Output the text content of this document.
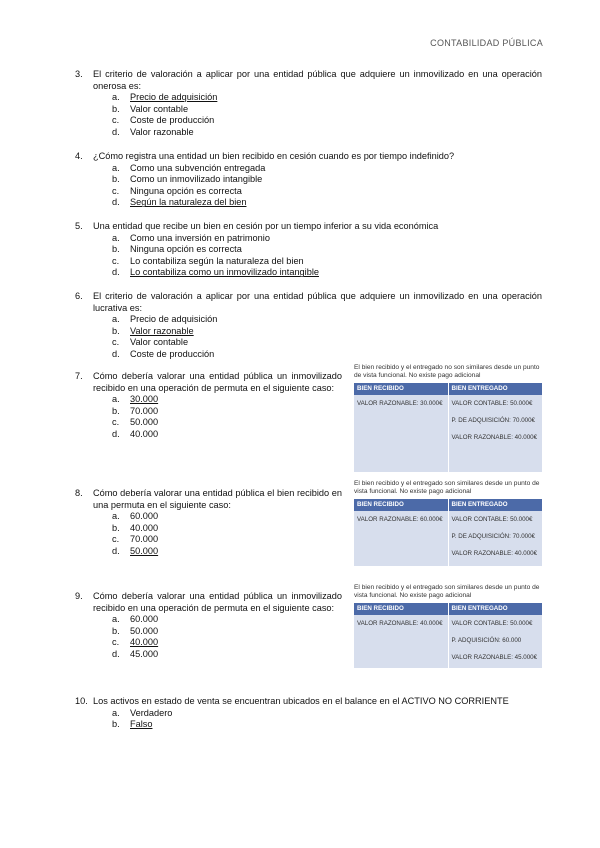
CONTABILIDAD PÚBLICA
3.	El criterio de valoración a aplicar por una entidad pública que adquiere un inmovilizado en una operación onerosa es:
a. Precio de adquisición
b. Valor contable
c. Coste de producción
d. Valor razonable
4.	¿Cómo registra una entidad un bien recibido en cesión cuando es por tiempo indefinido?
a. Como una subvención entregada
b. Como un inmovilizado intangible
c. Ninguna opción es correcta
d. Según la naturaleza del bien
5.	Una entidad que recibe un bien en cesión por un tiempo inferior a su vida económica
a. Como una inversión en patrimonio
b. Ninguna opción es correcta
c. Lo contabiliza según la naturaleza del bien
d. Lo contabiliza como un inmovilizado intangible
6.	El criterio de valoración a aplicar por una entidad pública que adquiere un inmovilizado en una operación lucrativa es:
a. Precio de adquisición
b. Valor razonable
c. Valor contable
d. Coste de producción
7.	Cómo debería valorar una entidad pública un inmovilizado recibido en una operación de permuta en el siguiente caso:
a. 30.000
b. 70.000
c. 50.000
d. 40.000
El bien recibido y el entregado no son similares desde un punto de vista funcional. No existe pago adicional
BIEN RECIBIDO
VALOR RAZONABLE: 30.000€
BIEN ENTREGADO
VALOR CONTABLE: 50.000€
P. DE ADQUISICIÓN: 70.000€
VALOR RAZONABLE: 40.000€
8.	Cómo debería valorar una entidad pública el bien recibido en una permuta en el siguiente caso:
a. 60.000
b. 40.000
c. 70.000
d. 50.000
El bien recibido y el entregado son similares desde un punto de vista funcional. No existe pago adicional
BIEN RECIBIDO
VALOR RAZONABLE: 60.000€
BIEN ENTREGADO
VALOR CONTABLE: 50.000€
P. DE ADQUISICIÓN: 70.000€
VALOR RAZONABLE: 40.000€
9.	Cómo debería valorar una entidad pública un inmovilizado recibido en una operación de permuta en el siguiente caso:
a. 60.000
b. 50.000
c. 40.000
d. 45.000
El bien recibido y el entregado son similares desde un punto de vista funcional. No existe pago adicional
BIEN RECIBIDO
VALOR RAZONABLE: 40.000€
BIEN ENTREGADO
VALOR CONTABLE: 50.000€
P. ADQUISICIÓN: 60.000
VALOR RAZONABLE: 45.000€
10. Los activos en estado de venta se encuentran ubicados en el balance en el ACTIVO NO CORRIENTE
a. Verdadero
b. Falso
